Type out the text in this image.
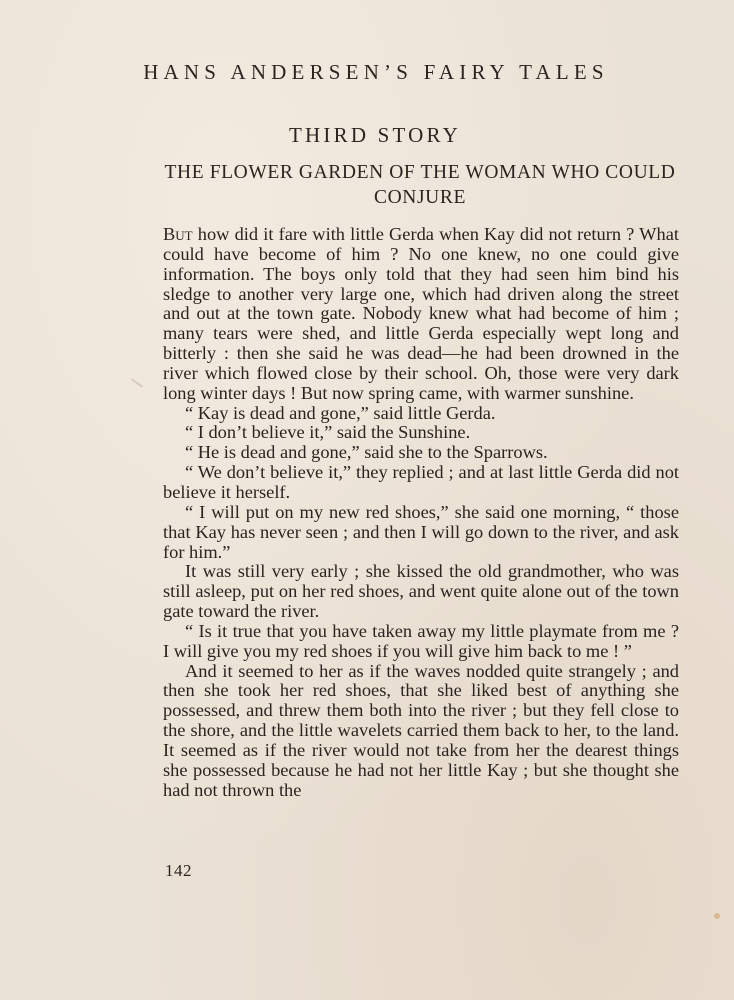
HANS ANDERSEN’S FAIRY TALES
THIRD STORY
THE FLOWER GARDEN OF THE WOMAN WHO COULD CONJURE

But how did it fare with little Gerda when Kay did not return ? What could have become of him ? No one knew, no one could give information. The boys only told that they had seen him bind his sledge to another very large one, which had driven along the street and out at the town gate. Nobody knew what had become of him ; many tears were shed, and little Gerda especially wept long and bitterly : then she said he was dead—he had been drowned in the river which flowed close by their school. Oh, those were very dark long winter days ! But now spring came, with warmer sunshine.

“ Kay is dead and gone,” said little Gerda.

“ I don’t believe it,” said the Sunshine.

“ He is dead and gone,” said she to the Sparrows.

“ We don’t believe it,” they replied ; and at last little Gerda did not believe it herself.

“ I will put on my new red shoes,” she said one morning, “ those that Kay has never seen ; and then I will go down to the river, and ask for him.”

It was still very early ; she kissed the old grandmother, who was still asleep, put on her red shoes, and went quite alone out of the town gate toward the river.

“ Is it true that you have taken away my little playmate from me ? I will give you my red shoes if you will give him back to me ! ”

And it seemed to her as if the waves nodded quite strangely ; and then she took her red shoes, that she liked best of anything she possessed, and threw them both into the river ; but they fell close to the shore, and the little wavelets carried them back to her, to the land. It seemed as if the river would not take from her the dearest things she possessed because he had not her little Kay ; but she thought she had not thrown the

142
